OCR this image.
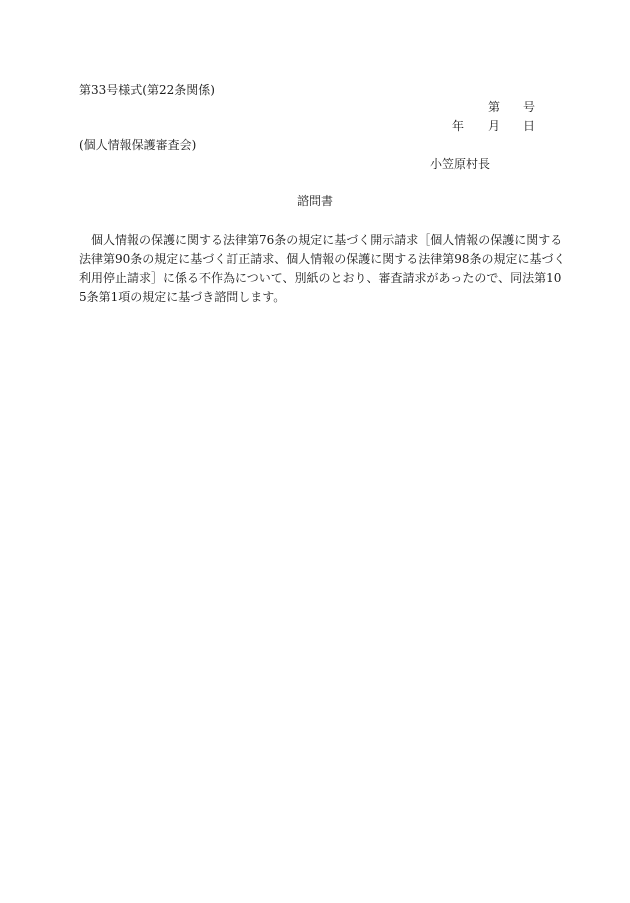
第33号様式(第22条関係)
第 号
年 月 日
(個人情報保護審査会)
小笠原村長
諮問書
個人情報の保護に関する法律第76条の規定に基づく開示請求［個人情報の保護に関する
法律第90条の規定に基づく訂正請求、個人情報の保護に関する法律第98条の規定に基づく
利用停止請求］に係る不作為について、別紙のとおり、審査請求があったので、同法第10
5条第1項の規定に基づき諮問します。
